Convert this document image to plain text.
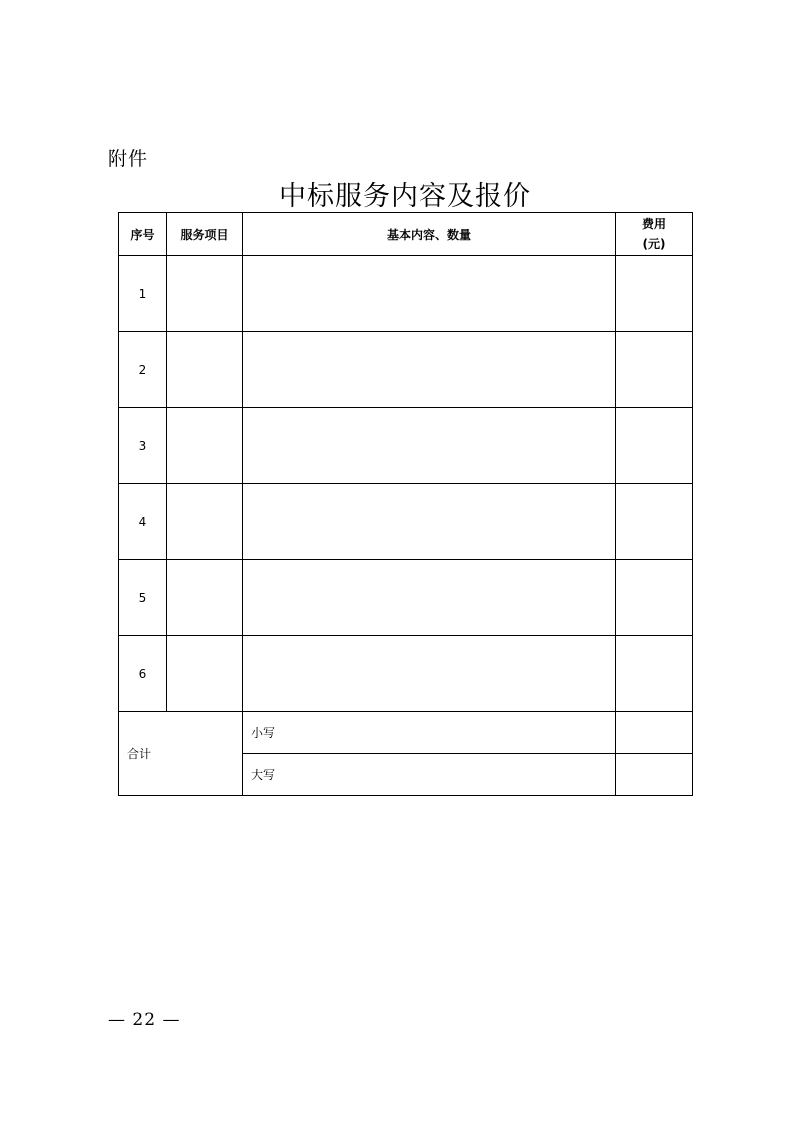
附件
中标服务内容及报价
序号	服务项目	基本内容、数量	费用
(元)
1			
2			
3			
4			
5			
6			
合计		小写	
		大写	
— 22 —
